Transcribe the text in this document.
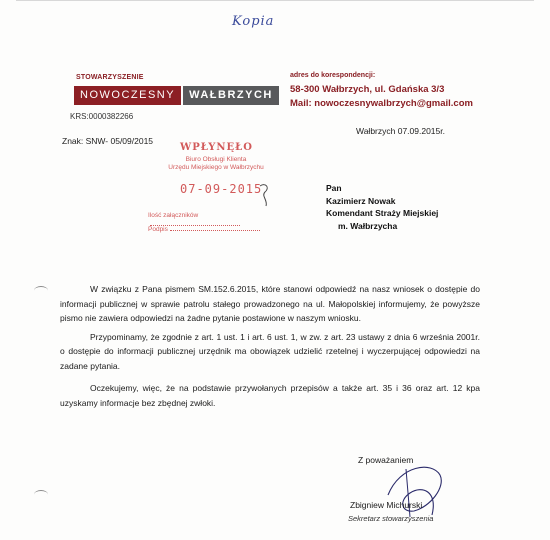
Kopia
STOWARZYSZENIE
NOWOCZESNY	WAŁBRZYCH
KRS:0000382266
adres do korespondencji:
58-300 Wałbrzych, ul. Gdańska 3/3
Mail: nowoczesnywalbrzych@gmail.com
Wałbrzych 07.09.2015r.
Znak: SNW- 05/09/2015
WPŁYNĘŁO
Biuro Obsługi Klienta
Urzędu Miejskiego w Wałbrzychu
07-09-2015
Ilość załączników
Podpis
Pan
Kazimierz Nowak
Komendant Straży Miejskiej
m. Wałbrzycha

W związku z Pana pismem SM.152.6.2015, które stanowi odpowiedź na nasz wniosek o dostępie do informacji publicznej w sprawie patrolu stałego prowadzonego na ul. Małopolskiej informujemy, że powyższe pismo nie zawiera odpowiedzi na żadne pytanie postawione w naszym wniosku.

Przypominamy, że zgodnie z art. 1 ust. 1 i art. 6 ust. 1, w zw. z art. 23 ustawy z dnia 6 września 2001r. o dostępie do informacji publicznej urzędnik ma obowiązek udzielić rzetelnej i wyczerpującej odpowiedzi na zadane pytania.

Oczekujemy, więc, że na podstawie przywołanych przepisów a także art. 35 i 36 oraz art. 12 kpa uzyskamy informacje bez zbędnej zwłoki.

Z poważaniem
Zbigniew Michurski
Sekretarz stowarzyszenia
